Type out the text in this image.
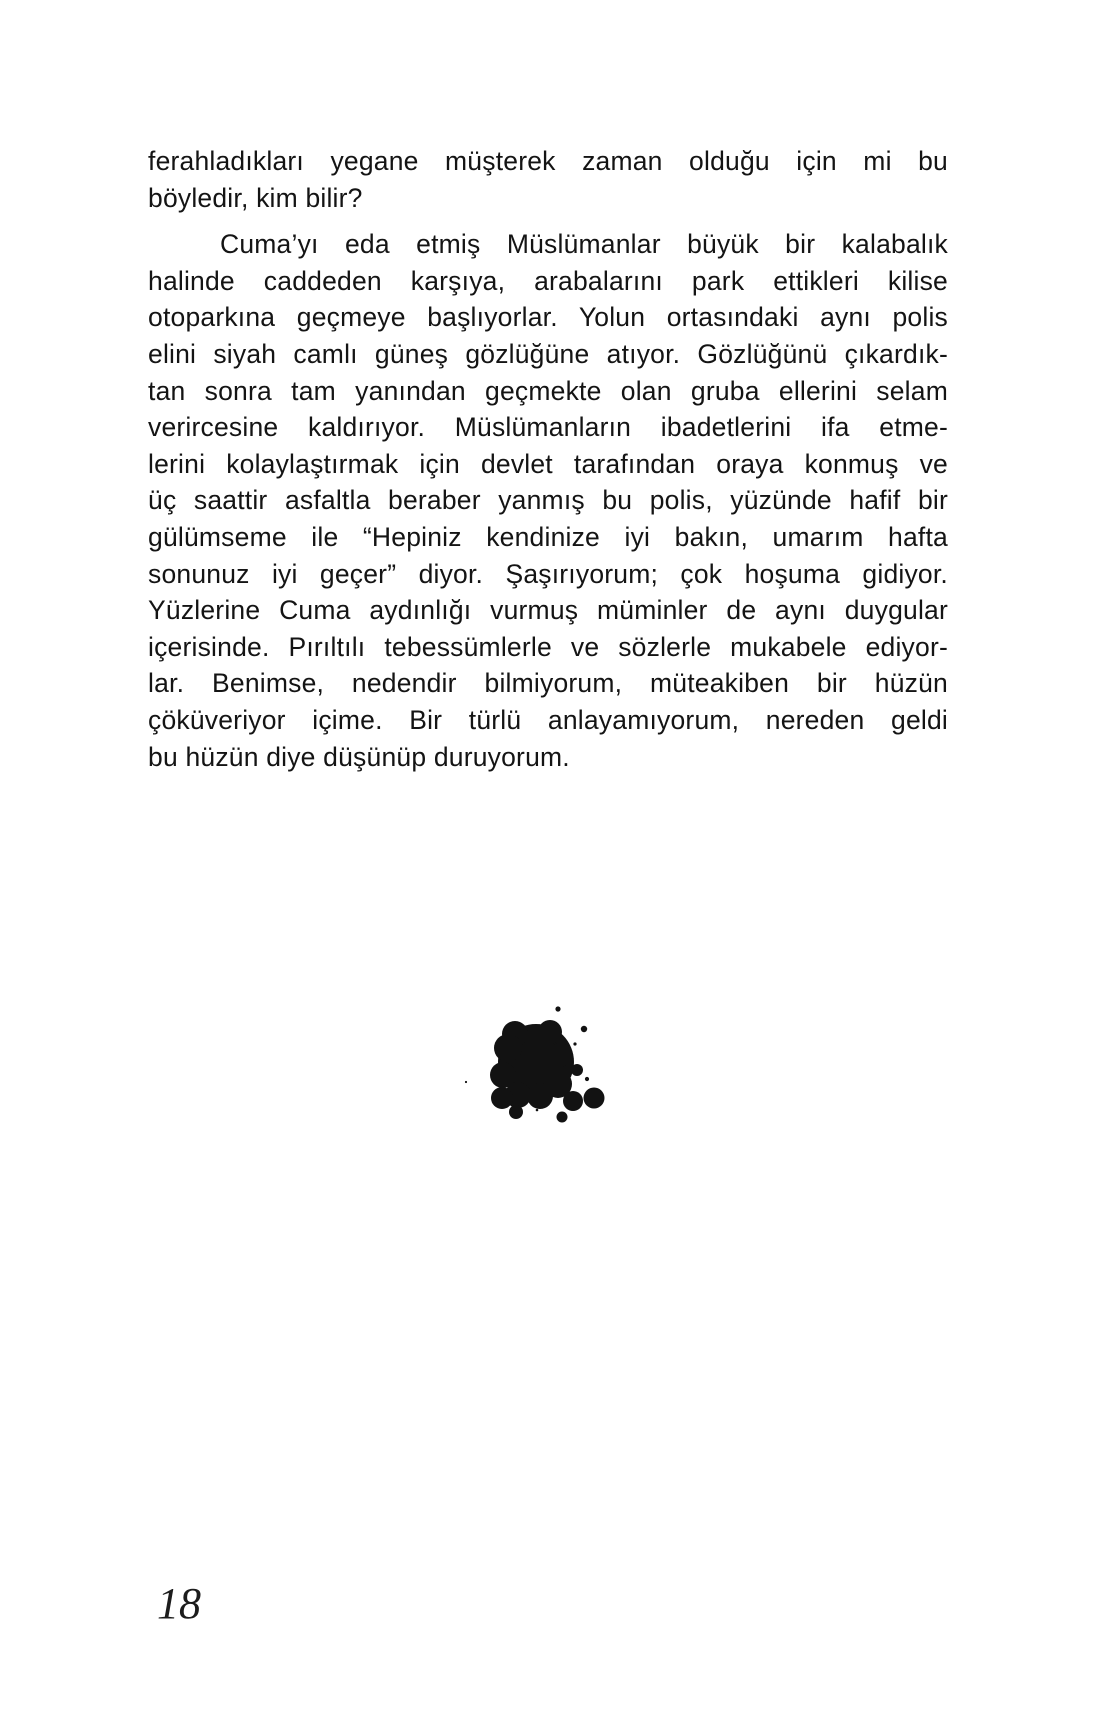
ferahladıkları yegane müşterek zaman olduğu için mi bu
böyledir, kim bilir?

Cuma’yı eda etmiş Müslümanlar büyük bir kalabalık
halinde caddeden karşıya, arabalarını park ettikleri kilise
otoparkına geçmeye başlıyorlar. Yolun ortasındaki aynı polis
elini siyah camlı güneş gözlüğüne atıyor. Gözlüğünü çıkardık-
tan sonra tam yanından geçmekte olan gruba ellerini selam
verircesine kaldırıyor. Müslümanların ibadetlerini ifa etme-
lerini kolaylaştırmak için devlet tarafından oraya konmuş ve
üç saattir asfaltla beraber yanmış bu polis, yüzünde hafif bir
gülümseme ile “Hepiniz kendinize iyi bakın, umarım hafta
sonunuz iyi geçer” diyor. Şaşırıyorum; çok hoşuma gidiyor.
Yüzlerine Cuma aydınlığı vurmuş müminler de aynı duygular
içerisinde. Pırıltılı tebessümlerle ve sözlerle mukabele ediyor-
lar. Benimse, nedendir bilmiyorum, müteakiben bir hüzün
çöküveriyor içime. Bir türlü anlayamıyorum, nereden geldi
bu hüzün diye düşünüp duruyorum.

18
